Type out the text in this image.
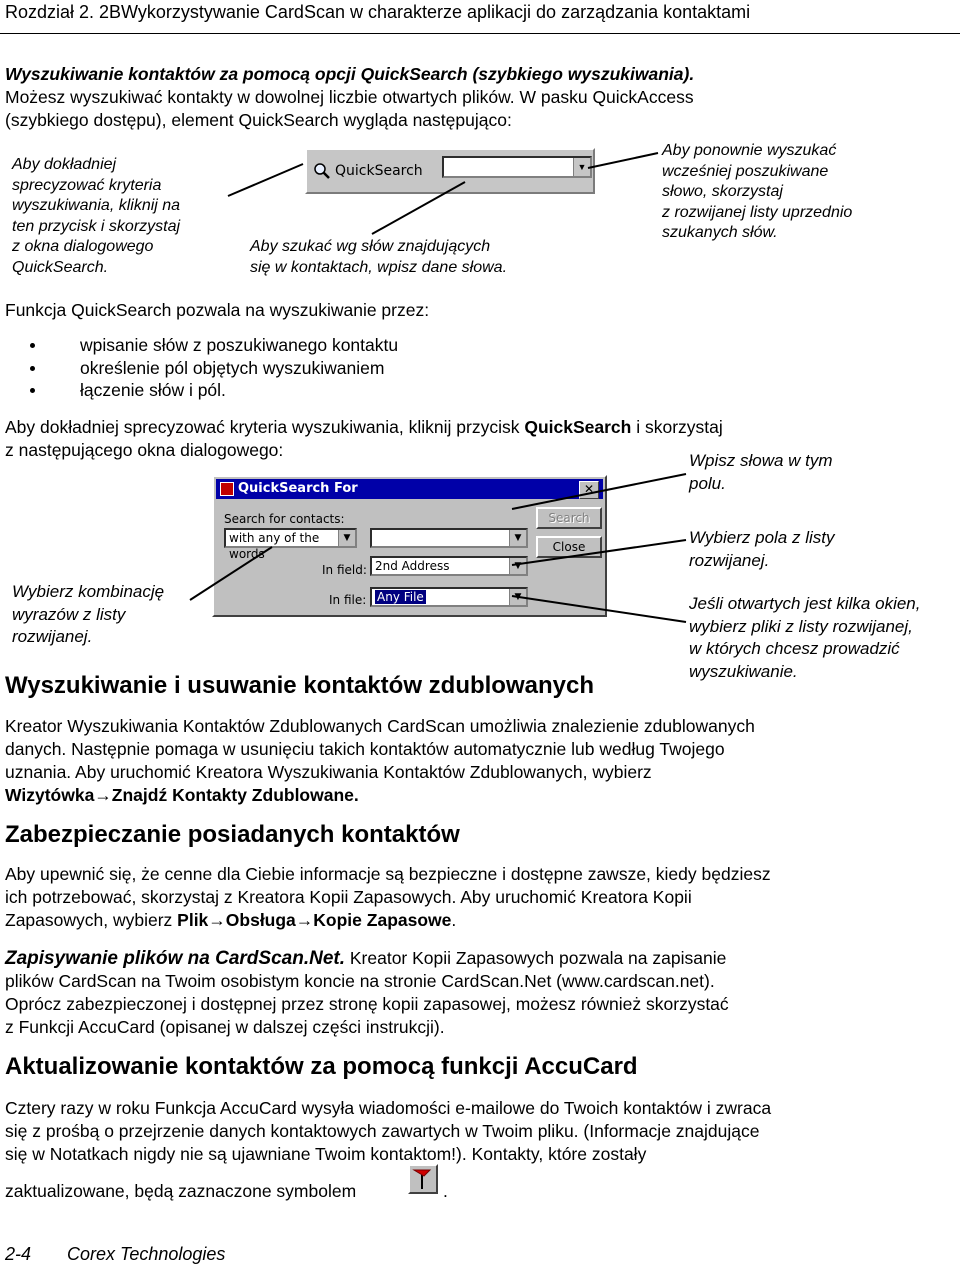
Rozdział 2. 2BWykorzystywanie CardScan w charakterze aplikacji do zarządzania kontaktami
Wyszukiwanie kontaktów za pomocą opcji QuickSearch (szybkiego wyszukiwania).
Możesz wyszukiwać kontakty w dowolnej liczbie otwartych plików. W pasku QuickAccess
(szybkiego dostępu), element QuickSearch wygląda następująco:
Aby dokładniej
sprecyzować kryteria
wyszukiwania, kliknij na
ten przycisk i skorzystaj
z okna dialogowego
QuickSearch.
Aby szukać wg słów znajdujących
się w kontaktach, wpisz dane słowa.
Aby ponownie wyszukać
wcześniej poszukiwane
słowo, skorzystaj
z rozwijanej listy uprzednio
szukanych słów.
QuickSearch	▼
Funkcja QuickSearch pozwala na wyszukiwanie przez:
wpisanie słów z poszukiwanego kontaktu
określenie pól objętych wyszukiwaniem
łączenie słów i pól.
Aby dokładniej sprecyzować kryteria wyszukiwania, kliknij przycisk QuickSearch i skorzystaj
z następującego okna dialogowego:
Wpisz słowa w tym
polu.
Wybierz pola z listy
rozwijanej.
Jeśli otwartych jest kilka okien,
wybierz pliki z listy rozwijanej,
w których chcesz prowadzić
wyszukiwanie.
Wybierz kombinację
wyrazów z listy
rozwijanej.
QuickSearch For	✕
Search for contacts:
with any of the words
▼	▼
In field: 2nd Address	▼
In file: Any File	▼
Search
Close
Wyszukiwanie i usuwanie kontaktów zdublowanych
Kreator Wyszukiwania Kontaktów Zdublowanych CardScan umożliwia znalezienie zdublowanych
danych. Następnie pomaga w usunięciu takich kontaktów automatycznie lub według Twojego
uznania. Aby uruchomić Kreatora Wyszukiwania Kontaktów Zdublowanych, wybierz
Wizytówka→Znajdź Kontakty Zdublowane.
Zabezpieczanie posiadanych kontaktów
Aby upewnić się, że cenne dla Ciebie informacje są bezpieczne i dostępne zawsze, kiedy będziesz
ich potrzebować, skorzystaj z Kreatora Kopii Zapasowych. Aby uruchomić Kreatora Kopii
Zapasowych, wybierz Plik→Obsługa→Kopie Zapasowe.
Zapisywanie plików na CardScan.Net. Kreator Kopii Zapasowych pozwala na zapisanie
plików CardScan na Twoim osobistym koncie na stronie CardScan.Net (www.cardscan.net).
Oprócz zabezpieczonej i dostępnej przez stronę kopii zapasowej, możesz również skorzystać
z Funkcji AccuCard (opisanej w dalszej części instrukcji).
Aktualizowanie kontaktów za pomocą funkcji AccuCard
Cztery razy w roku Funkcja AccuCard wysyła wiadomości e-mailowe do Twoich kontaktów i zwraca
się z prośbą o przejrzenie danych kontaktowych zawartych w Twoim pliku. (Informacje znajdujące
się w Notatkach nigdy nie są ujawniane Twoim kontaktom!). Kontakty, które zostały
zaktualizowane, będą zaznaczone symbolem	.
2-4 Corex Technologies
